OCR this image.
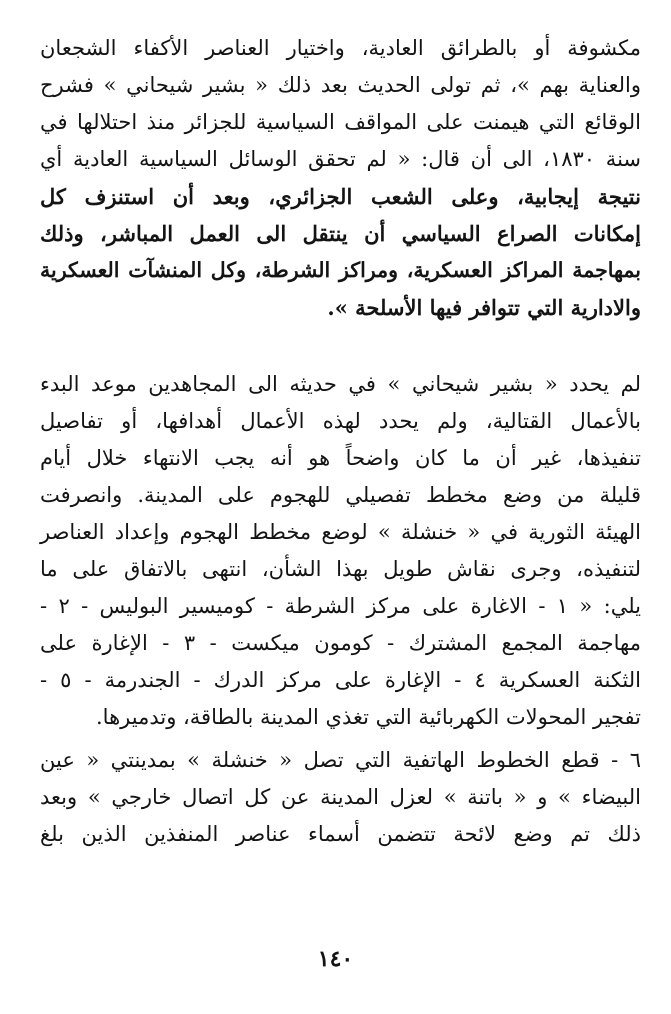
مكشوفة أو بالطرائق العادية، واختيار العناصر الأكفاء الشجعان
والعناية بهم »، ثم تولى الحديث بعد ذلك « بشير شيحاني » فشرح
الوقائع التي هيمنت على المواقف السياسية للجزائر منذ احتلالها في
سنة ١٨٣٠، الى أن قال: « لم تحقق الوسائل السياسية العادية أي
نتيجة إيجابية، وعلى الشعب الجزائري، وبعد أن استنزف كل
إمكانات الصراع السياسي أن ينتقل الى العمل المباشر، وذلك
بمهاجمة المراكز العسكرية، ومراكز الشرطة، وكل المنشآت العسكرية
والادارية التي تتوافر فيها الأسلحة ».
لم يحدد « بشير شيحاني » في حديثه الى المجاهدين موعد البدء
بالأعمال القتالية، ولم يحدد لهذه الأعمال أهدافها، أو تفاصيل
تنفيذها، غير أن ما كان واضحاً هو أنه يجب الانتهاء خلال أيام
قليلة من وضع مخطط تفصيلي للهجوم على المدينة. وانصرفت
الهيئة الثورية في « خنشلة » لوضع مخطط الهجوم وإعداد العناصر
لتنفيذه، وجرى نقاش طويل بهذا الشأن، انتهى بالاتفاق على ما
يلي: « ١ - الاغارة على مركز الشرطة - كوميسير البوليس - ٢ -
مهاجمة المجمع المشترك - كومون ميكست - ٣ - الإغارة على
الثكنة العسكرية ٤ - الإغارة على مركز الدرك - الجندرمة - ٥ -
تفجير المحولات الكهربائية التي تغذي المدينة بالطاقة، وتدميرها.
٦ - قطع الخطوط الهاتفية التي تصل « خنشلة » بمدينتي « عين
البيضاء » و « باتنة » لعزل المدينة عن كل اتصال خارجي » وبعد
ذلك تم وضع لائحة تتضمن أسماء عناصر المنفذين الذين بلغ
١٤٠
